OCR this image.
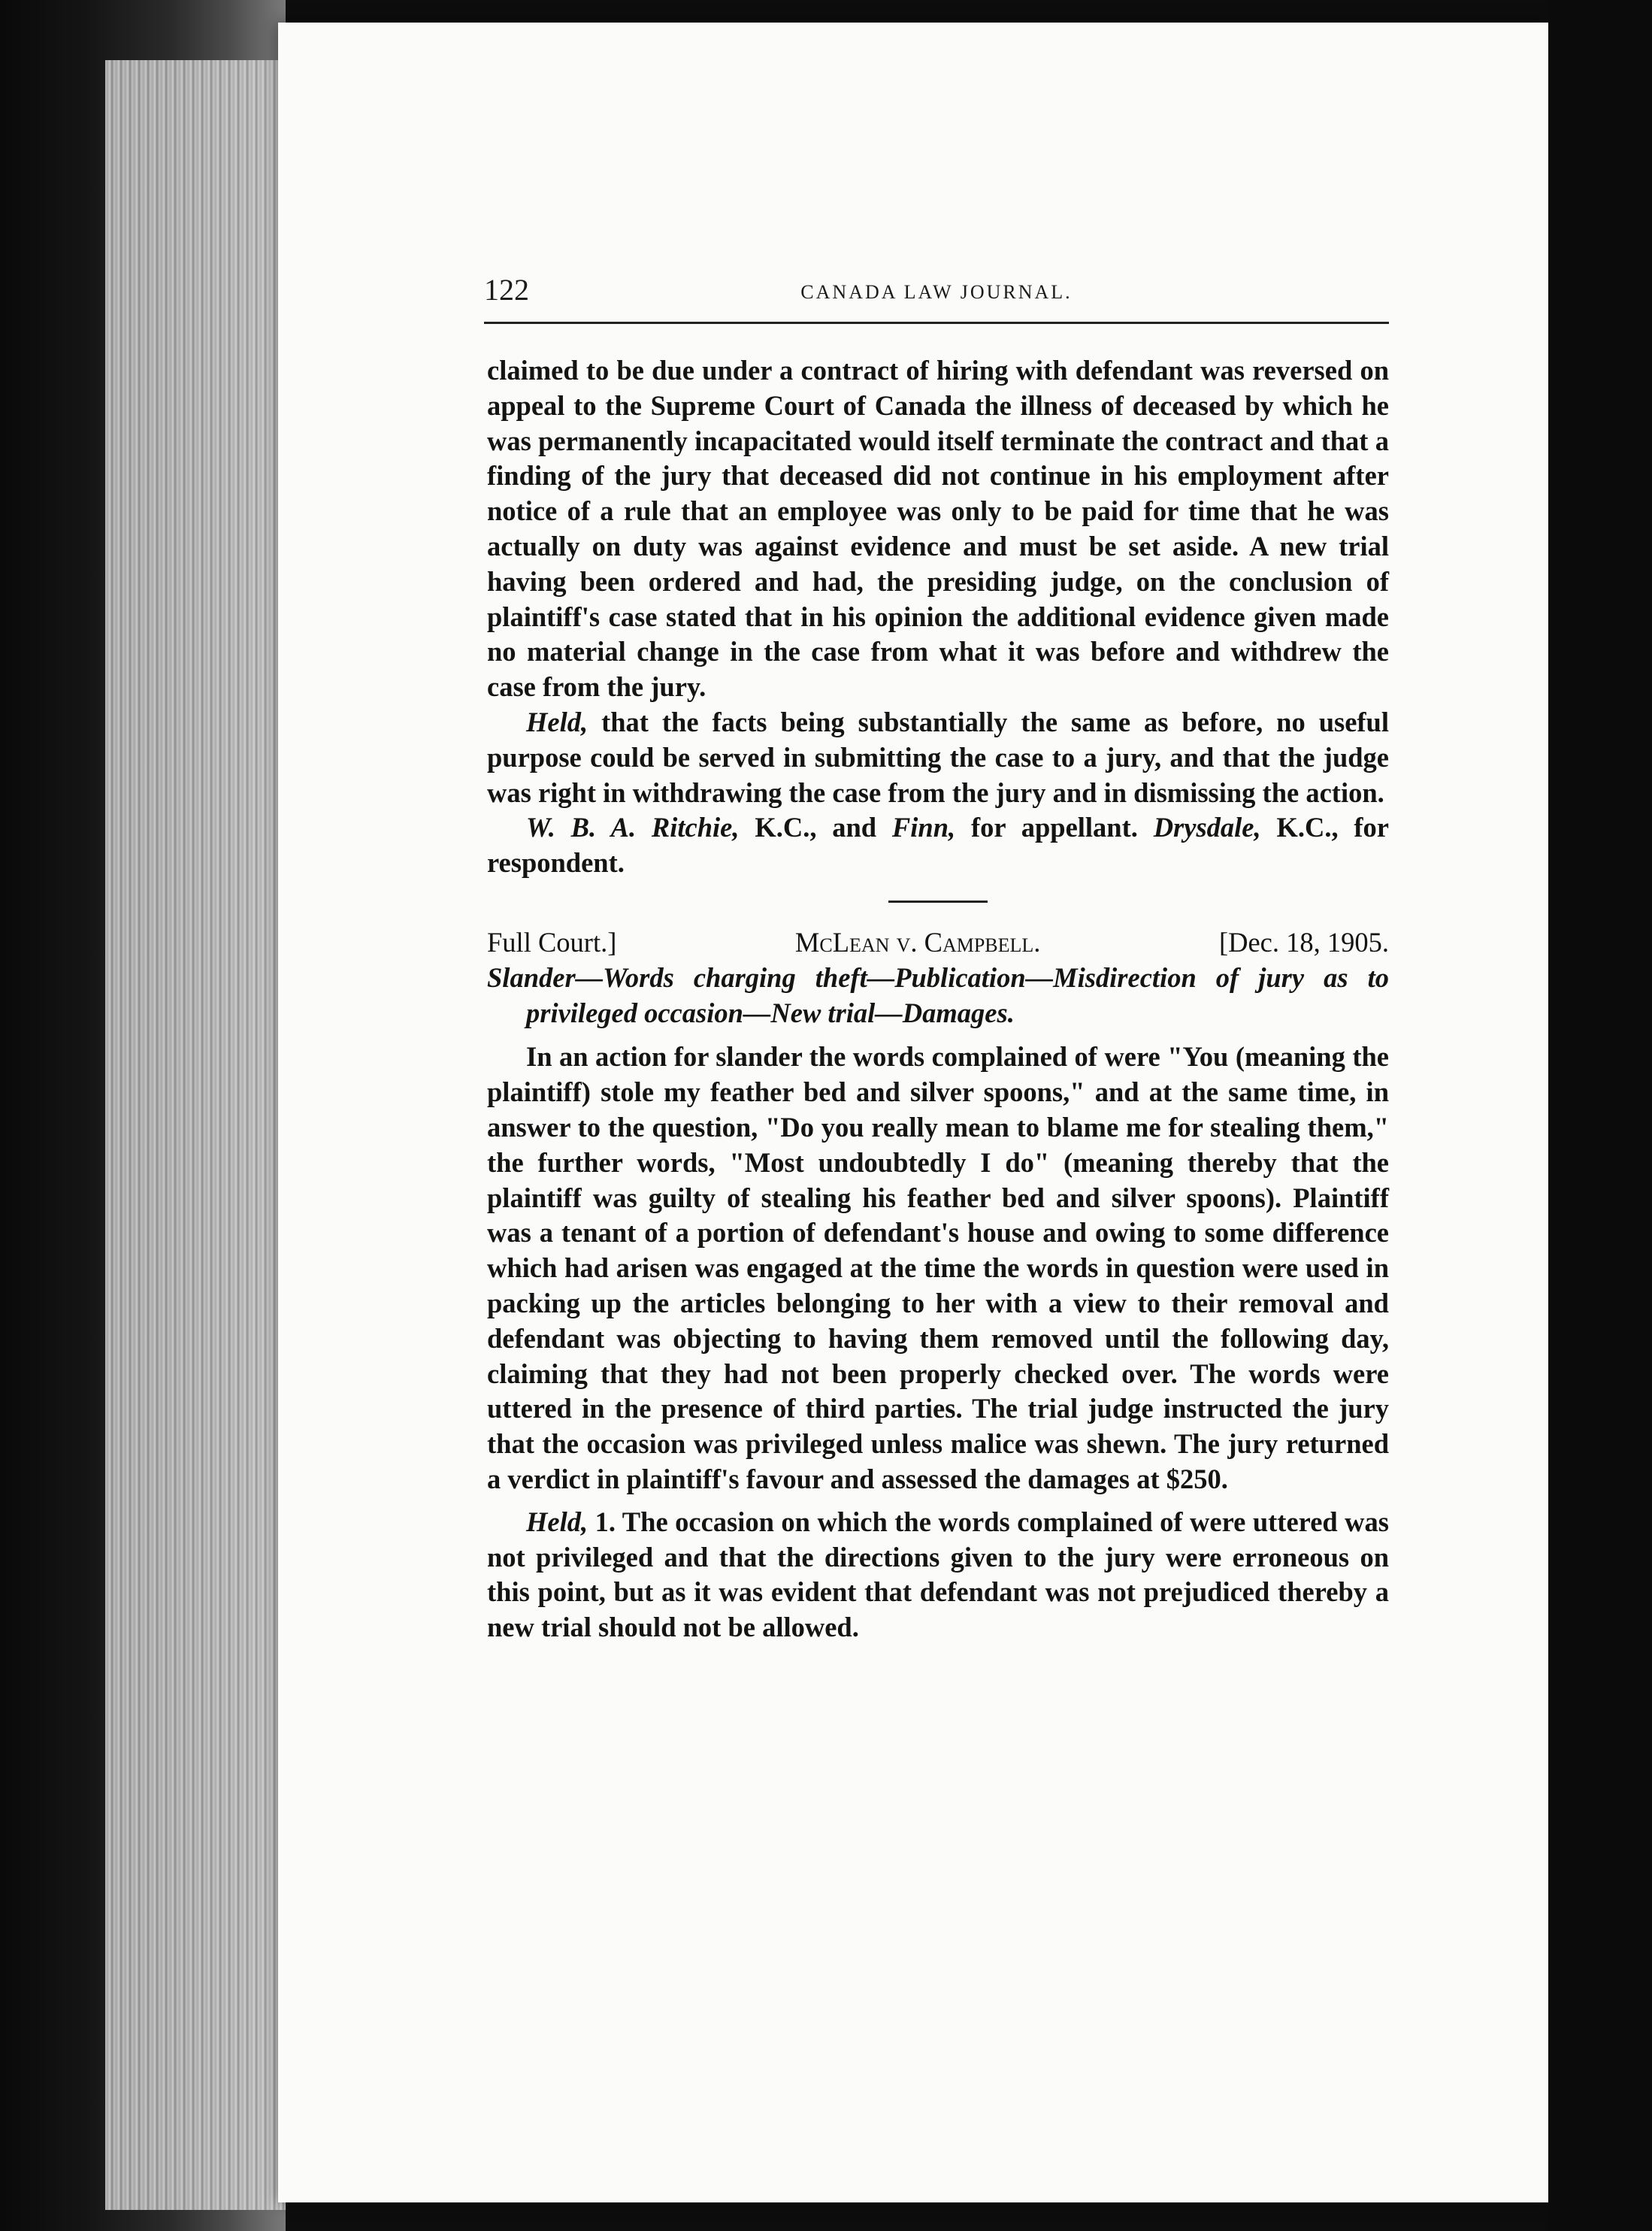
122	CANADA LAW JOURNAL.

claimed to be due under a contract of hiring with defendant was reversed on appeal to the Supreme Court of Canada the illness of deceased by which he was permanently incapacitated would itself terminate the contract and that a finding of the jury that deceased did not continue in his employment after notice of a rule that an employee was only to be paid for time that he was actually on duty was against evidence and must be set aside. A new trial having been ordered and had, the presiding judge, on the conclusion of plaintiff's case stated that in his opinion the additional evidence given made no material change in the case from what it was before and withdrew the case from the jury.

Held, that the facts being substantially the same as before, no useful purpose could be served in submitting the case to a jury, and that the judge was right in withdrawing the case from the jury and in dismissing the action.

W. B. A. Ritchie, K.C., and Finn, for appellant. Drysdale, K.C., for respondent.

Full Court.]	McLean v. Campbell.	[Dec. 18, 1905.

Slander—Words charging theft—Publication—Misdirection of jury as to privileged occasion—New trial—Damages.

In an action for slander the words complained of were "You (meaning the plaintiff) stole my feather bed and silver spoons," and at the same time, in answer to the question, "Do you really mean to blame me for stealing them," the further words, "Most undoubtedly I do" (meaning thereby that the plaintiff was guilty of stealing his feather bed and silver spoons). Plaintiff was a tenant of a portion of defendant's house and owing to some difference which had arisen was engaged at the time the words in question were used in packing up the articles belonging to her with a view to their removal and defendant was objecting to having them removed until the following day, claiming that they had not been properly checked over. The words were uttered in the presence of third parties. The trial judge instructed the jury that the occasion was privileged unless malice was shewn. The jury returned a verdict in plaintiff's favour and assessed the damages at $250.

Held, 1. The occasion on which the words complained of were uttered was not privileged and that the directions given to the jury were erroneous on this point, but as it was evident that defendant was not prejudiced thereby a new trial should not be allowed.
